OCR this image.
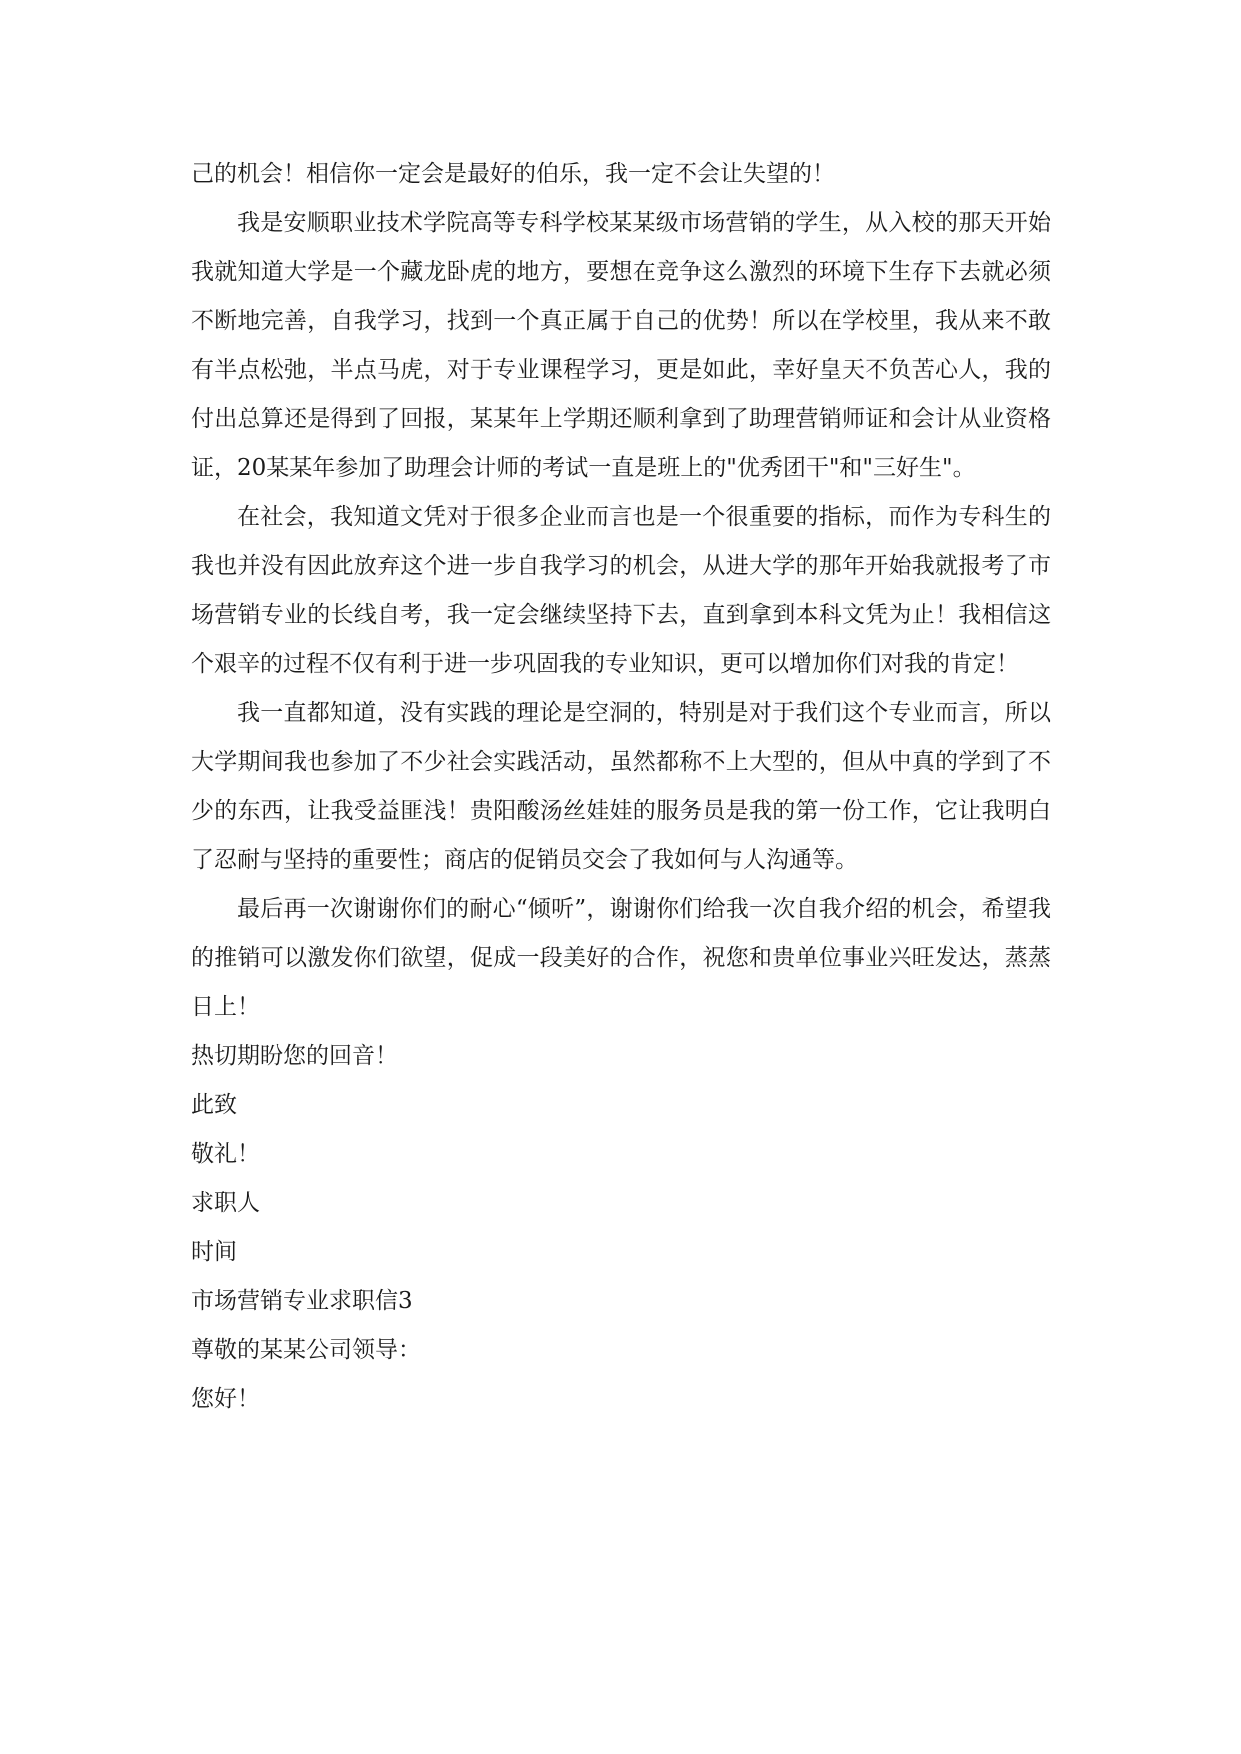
己的机会！相信你一定会是最好的伯乐，我一定不会让失望的！

我是安顺职业技术学院高等专科学校某某级市场营销的学生，从入校的那天开始我就知道大学是一个藏龙卧虎的地方，要想在竞争这么激烈的环境下生存下去就必须不断地完善，自我学习，找到一个真正属于自己的优势！所以在学校里，我从来不敢有半点松弛，半点马虎，对于专业课程学习，更是如此，幸好皇天不负苦心人，我的付出总算还是得到了回报，某某年上学期还顺利拿到了助理营销师证和会计从业资格证，20某某年参加了助理会计师的考试一直是班上的"优秀团干"和"三好生"。

在社会，我知道文凭对于很多企业而言也是一个很重要的指标，而作为专科生的我也并没有因此放弃这个进一步自我学习的机会，从进大学的那年开始我就报考了市场营销专业的长线自考，我一定会继续坚持下去，直到拿到本科文凭为止！我相信这个艰辛的过程不仅有利于进一步巩固我的专业知识，更可以增加你们对我的肯定！

我一直都知道，没有实践的理论是空洞的，特别是对于我们这个专业而言，所以大学期间我也参加了不少社会实践活动，虽然都称不上大型的，但从中真的学到了不少的东西，让我受益匪浅！贵阳酸汤丝娃娃的服务员是我的第一份工作，它让我明白了忍耐与坚持的重要性；商店的促销员交会了我如何与人沟通等。

最后再一次谢谢你们的耐心“倾听”，谢谢你们给我一次自我介绍的机会，希望我的推销可以激发你们欲望，促成一段美好的合作，祝您和贵单位事业兴旺发达，蒸蒸日上！

热切期盼您的回音！

此致

敬礼！

求职人

时间

市场营销专业求职信3

尊敬的某某公司领导：

您好！
